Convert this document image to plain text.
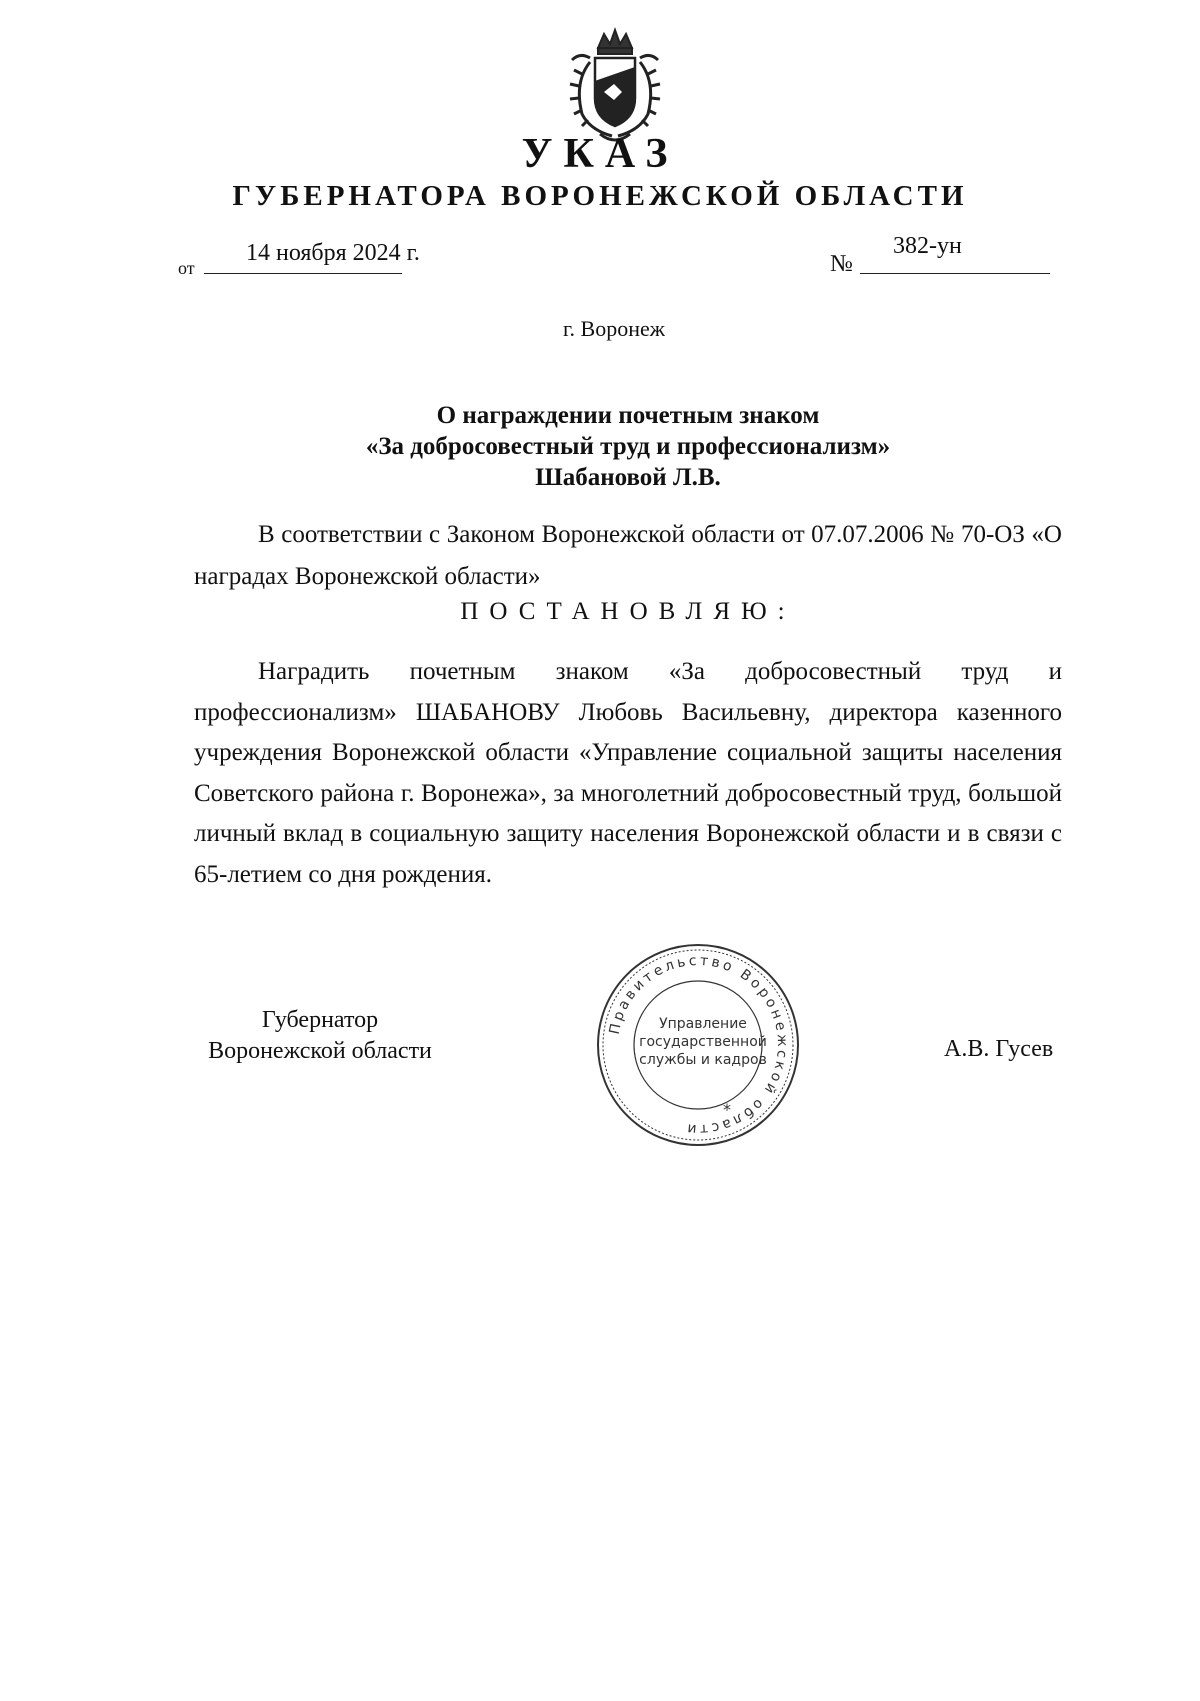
УКАЗ
ГУБЕРНАТОРА ВОРОНЕЖСКОЙ ОБЛАСТИ
от
14 ноября 2024 г.	№
382-ун
г. Воронеж
О награждении почетным знаком
«За добросовестный труд и профессионализм»
Шабановой Л.В.
В соответствии с Законом Воронежской области от 07.07.2006 № 70-ОЗ «О наградах Воронежской области»
ПОСТАНОВЛЯЮ:
Наградить почетным знаком «За добросовестный труд и профессионализм» ШАБАНОВУ Любовь Васильевну, директора казенного учреждения Воронежской области «Управление социальной защиты населения Советского района г. Воронежа», за многолетний добросовестный труд, большой личный вклад в социальную защиту населения Воронежской области и в связи с 65-летием со дня рождения.
Губернатор
Воронежской области	А.В. Гусев
Правительство Воронежской области
*
Управление
государственной
службы и кадров
